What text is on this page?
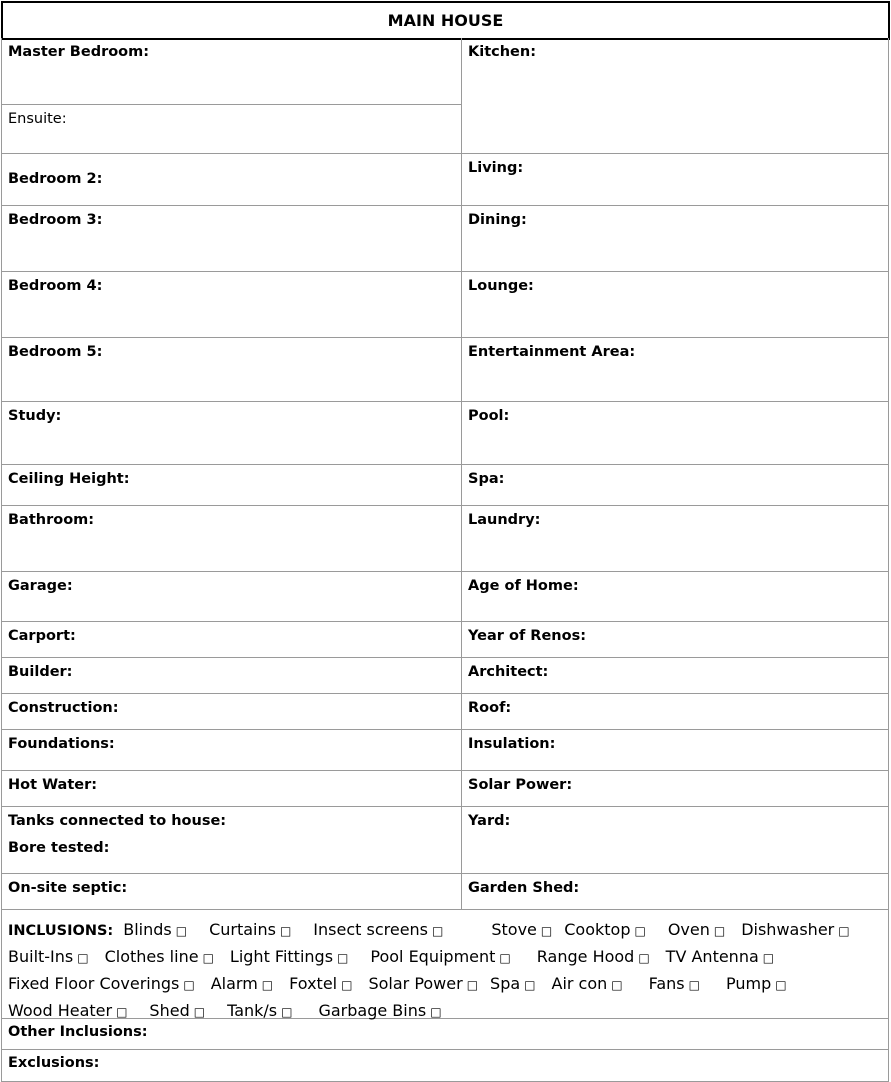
MAIN HOUSE
Master Bedroom:
Ensuite:
Bedroom 2:
Bedroom 3:
Bedroom 4:
Bedroom 5:
Study:
Ceiling Height:
Bathroom:
Garage:
Carport:
Builder:
Construction:
Foundations:
Hot Water:
Tanks connected to house:
Bore tested:
On-site septic:
Kitchen:
Living:
Dining:
Lounge:
Entertainment Area:
Pool:
Spa:
Laundry:
Age of Home:
Year of Renos:
Architect:
Roof:
Insulation:
Solar Power:
Yard:
Garden Shed:
INCLUSIONS: Blinds □ Curtains □ Insect screens □	Stove □ Cooktop □ Oven □ Dishwasher □
Built-Ins □ Clothes line □ Light Fittings □ Pool Equipment □ Range Hood □ TV Antenna □
Fixed Floor Coverings □ Alarm □ Foxtel □ Solar Power □ Spa □ Air con □ Fans □ Pump □
Wood Heater □ Shed □ Tank/s □ Garbage Bins □
Other Inclusions:
Exclusions:
